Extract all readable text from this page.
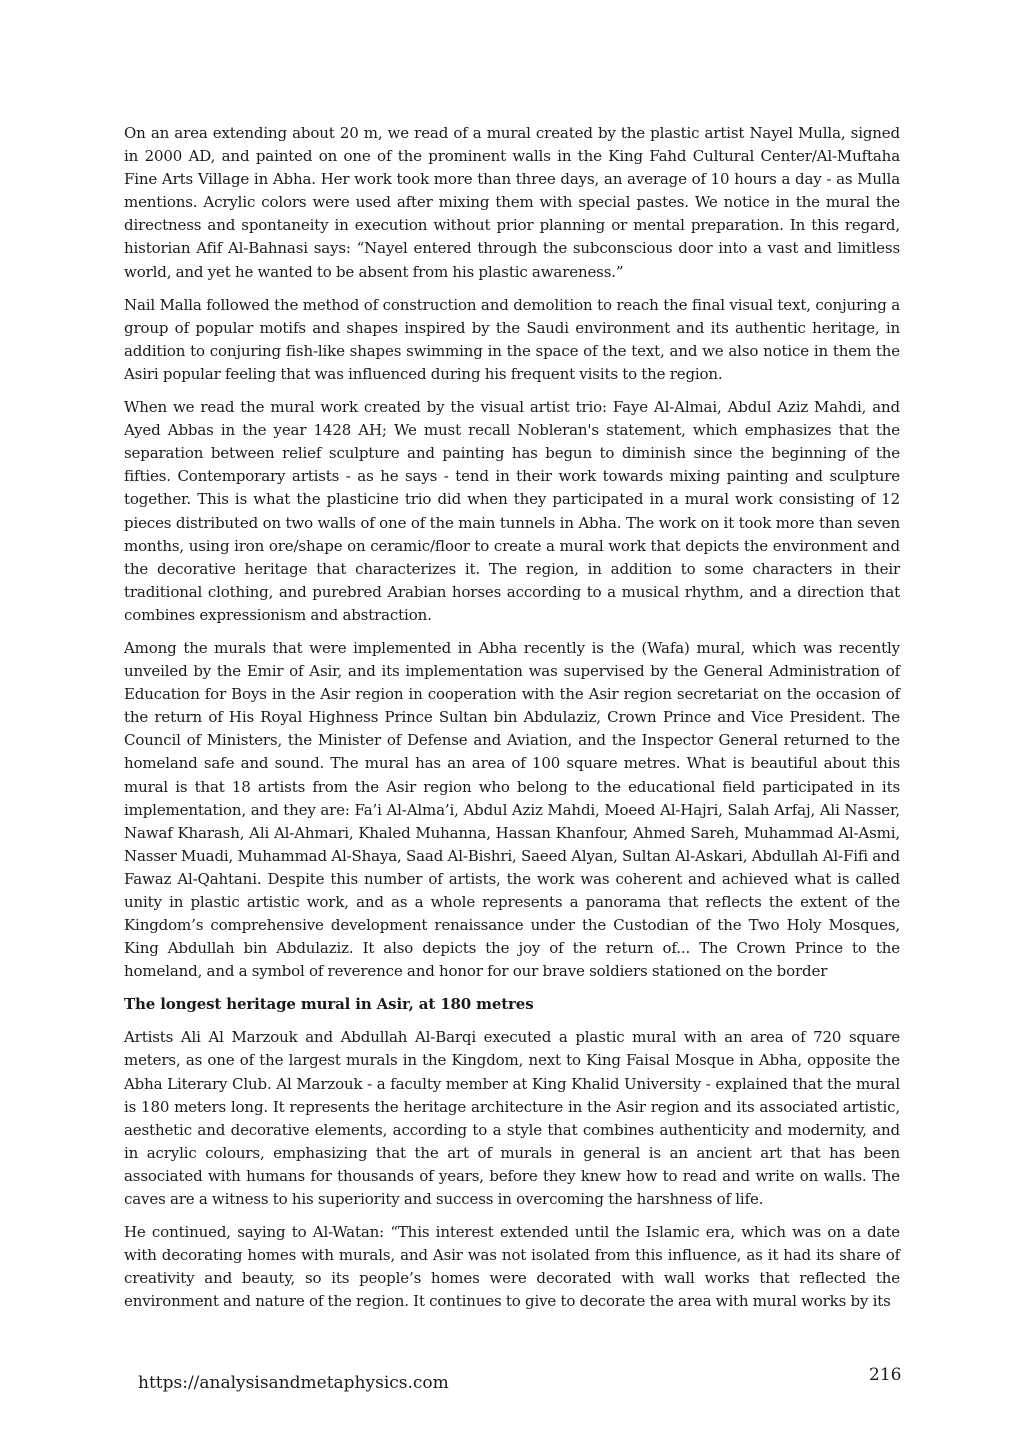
On an area extending about 20 m, we read of a mural created by the plastic artist Nayel Mulla, signed in 2000 AD, and painted on one of the prominent walls in the King Fahd Cultural Center/Al-Muftaha Fine Arts Village in Abha. Her work took more than three days, an average of 10 hours a day - as Mulla mentions. Acrylic colors were used after mixing them with special pastes. We notice in the mural the directness and spontaneity in execution without prior planning or mental preparation. In this regard, historian Afif Al-Bahnasi says: “Nayel entered through the subconscious door into a vast and limitless world, and yet he wanted to be absent from his plastic awareness.”

Nail Malla followed the method of construction and demolition to reach the final visual text, conjuring a group of popular motifs and shapes inspired by the Saudi environment and its authentic heritage, in addition to conjuring fish-like shapes swimming in the space of the text, and we also notice in them the Asiri popular feeling that was influenced during his frequent visits to the region.

When we read the mural work created by the visual artist trio: Faye Al-Almai, Abdul Aziz Mahdi, and Ayed Abbas in the year 1428 AH; We must recall Nobleran's statement, which emphasizes that the separation between relief sculpture and painting has begun to diminish since the beginning of the fifties. Contemporary artists - as he says - tend in their work towards mixing painting and sculpture together. This is what the plasticine trio did when they participated in a mural work consisting of 12 pieces distributed on two walls of one of the main tunnels in Abha. The work on it took more than seven months, using iron ore/shape on ceramic/floor to create a mural work that depicts the environment and the decorative heritage that characterizes it. The region, in addition to some characters in their traditional clothing, and purebred Arabian horses according to a musical rhythm, and a direction that combines expressionism and abstraction.

Among the murals that were implemented in Abha recently is the (Wafa) mural, which was recently unveiled by the Emir of Asir, and its implementation was supervised by the General Administration of Education for Boys in the Asir region in cooperation with the Asir region secretariat on the occasion of the return of His Royal Highness Prince Sultan bin Abdulaziz, Crown Prince and Vice President. The Council of Ministers, the Minister of Defense and Aviation, and the Inspector General returned to the homeland safe and sound. The mural has an area of 100 square metres. What is beautiful about this mural is that 18 artists from the Asir region who belong to the educational field participated in its implementation, and they are: Fa’i Al-Alma’i, Abdul Aziz Mahdi, Moeed Al-Hajri, Salah Arfaj, Ali Nasser, Nawaf Kharash, Ali Al-Ahmari, Khaled Muhanna, Hassan Khanfour, Ahmed Sareh, Muhammad Al-Asmi, Nasser Muadi, Muhammad Al-Shaya, Saad Al-Bishri, Saeed Alyan, Sultan Al-Askari, Abdullah Al-Fifi and Fawaz Al-Qahtani. Despite this number of artists, the work was coherent and achieved what is called unity in plastic artistic work, and as a whole represents a panorama that reflects the extent of the Kingdom’s comprehensive development renaissance under the Custodian of the Two Holy Mosques, King Abdullah bin Abdulaziz. It also depicts the joy of the return of... The Crown Prince to the homeland, and a symbol of reverence and honor for our brave soldiers stationed on the border

The longest heritage mural in Asir, at 180 metres

Artists Ali Al Marzouk and Abdullah Al-Barqi executed a plastic mural with an area of 720 square meters, as one of the largest murals in the Kingdom, next to King Faisal Mosque in Abha, opposite the Abha Literary Club. Al Marzouk - a faculty member at King Khalid University - explained that the mural is 180 meters long. It represents the heritage architecture in the Asir region and its associated artistic, aesthetic and decorative elements, according to a style that combines authenticity and modernity, and in acrylic colours, emphasizing that the art of murals in general is an ancient art that has been associated with humans for thousands of years, before they knew how to read and write on walls. The caves are a witness to his superiority and success in overcoming the harshness of life.

He continued, saying to Al-Watan: “This interest extended until the Islamic era, which was on a date with decorating homes with murals, and Asir was not isolated from this influence, as it had its share of creativity and beauty, so its people’s homes were decorated with wall works that reflected the environment and nature of the region. It continues to give to decorate the area with mural works by its

https://analysisandmetaphysics.com	216
